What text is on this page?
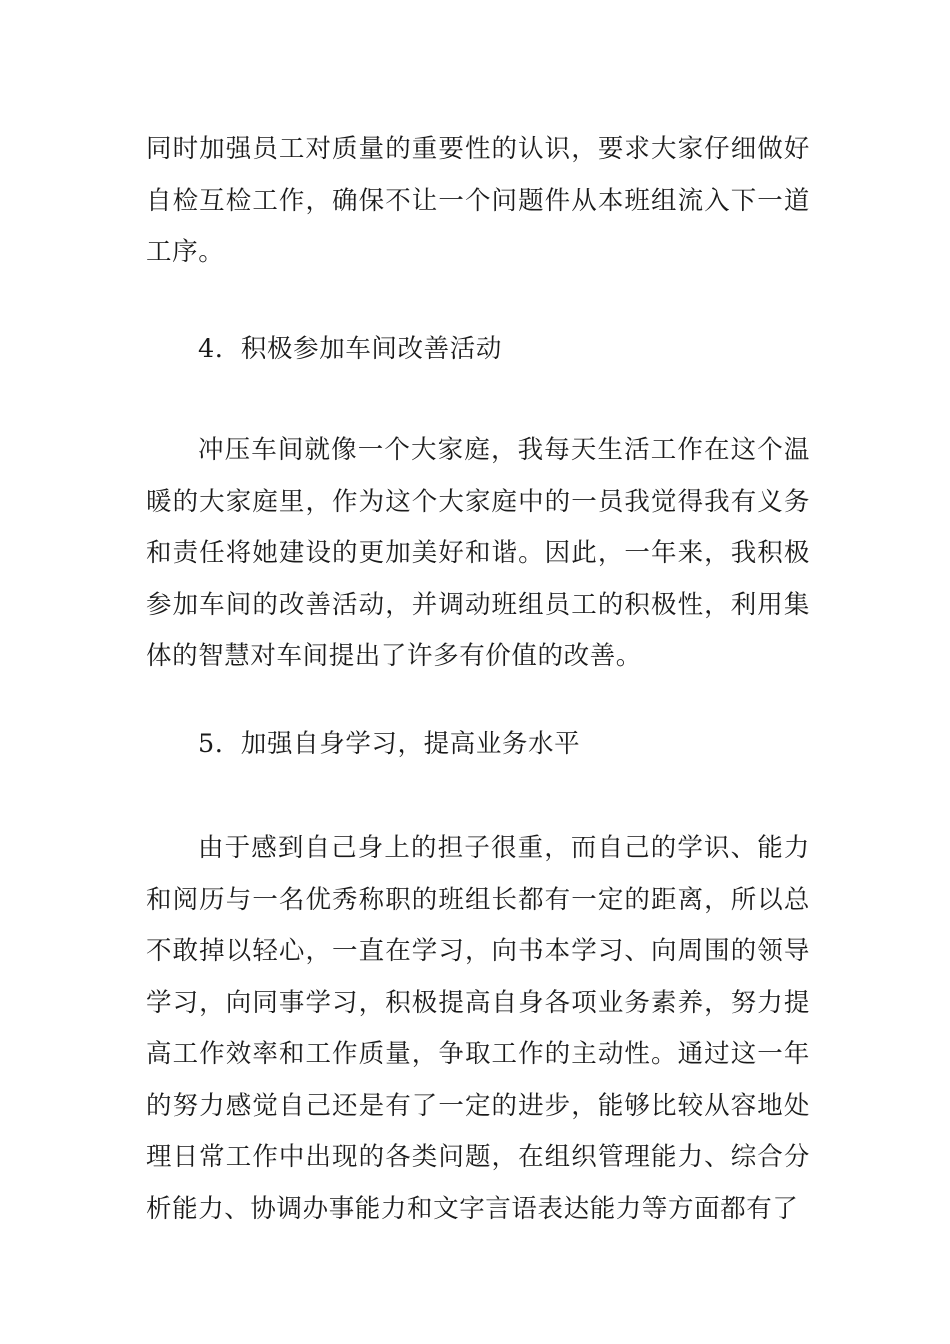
同时加强员工对质量的重要性的认识，要求大家仔细做好自检互检工作，确保不让一个问题件从本班组流入下一道工序。

4．积极参加车间改善活动

冲压车间就像一个大家庭，我每天生活工作在这个温暖的大家庭里，作为这个大家庭中的一员我觉得我有义务和责任将她建设的更加美好和谐。因此，一年来，我积极参加车间的改善活动，并调动班组员工的积极性，利用集体的智慧对车间提出了许多有价值的改善。

5．加强自身学习，提高业务水平

由于感到自己身上的担子很重，而自己的学识、能力和阅历与一名优秀称职的班组长都有一定的距离，所以总不敢掉以轻心，一直在学习，向书本学习、向周围的领导学习，向同事学习，积极提高自身各项业务素养，努力提高工作效率和工作质量，争取工作的主动性。通过这一年的努力感觉自己还是有了一定的进步，能够比较从容地处理日常工作中出现的各类问题，在组织管理能力、综合分析能力、协调办事能力和文字言语表达能力等方面都有了
